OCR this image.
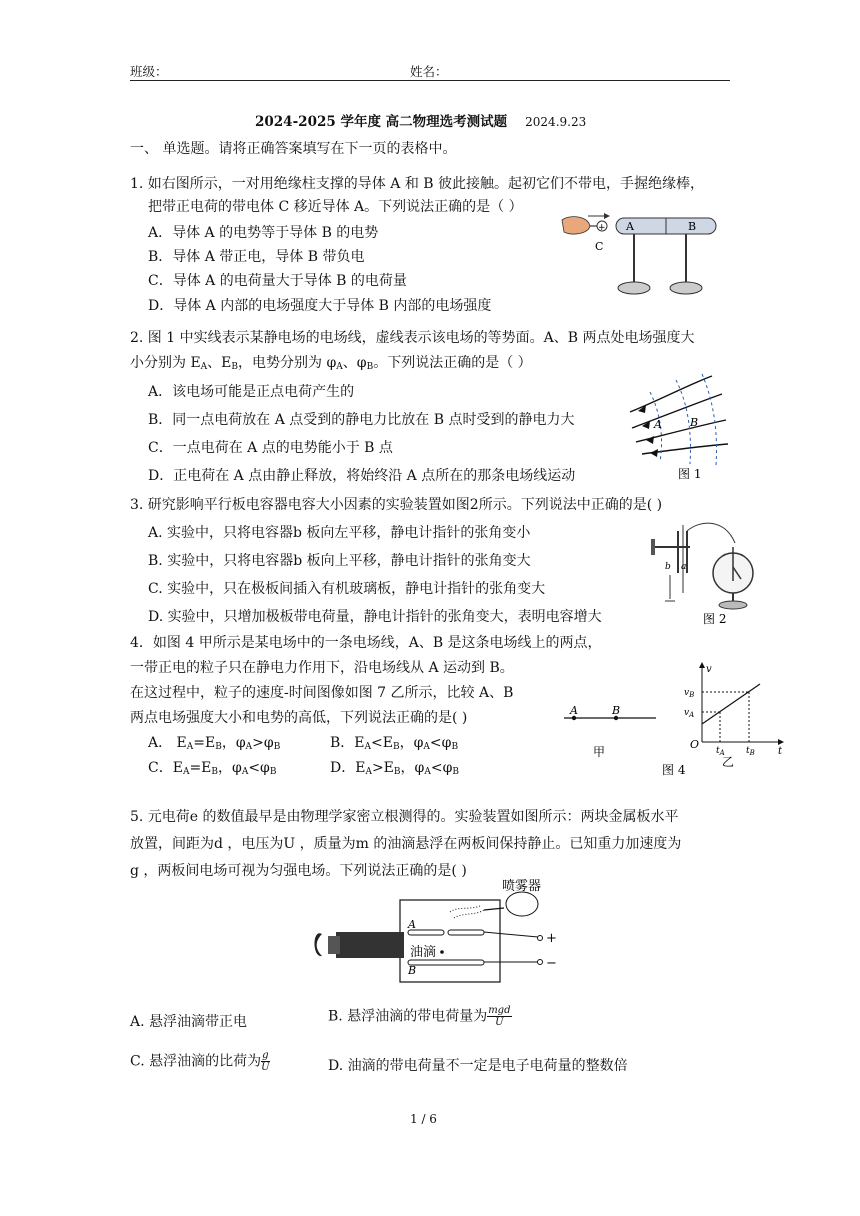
班级：	姓名：
2024-2025 学年度 高二物理选考测试题 2024.9.23
一、 单选题。请将正确答案填写在下一页的表格中。
1. 如右图所示，一对用绝缘柱支撑的导体 A 和 B 彼此接触。起初它们不带电，手握绝缘棒，
把带正电荷的带电体 C 移近导体 A。下列说法正确的是（ ）
A．导体 A 的电势等于导体 B 的电势
B．导体 A 带正电，导体 B 带负电
C．导体 A 的电荷量大于导体 B 的电荷量
D．导体 A 内部的电场强度大于导体 B 内部的电场强度
+
C
A	B
2. 图 1 中实线表示某静电场的电场线，虚线表示该电场的等势面。A、B 两点处电场强度大
小分别为 $E_A$、$E_B$，电势分别为 $\varphi_A$、$\varphi_B$。下列说法正确的是（ ）
A．该电场可能是正点电荷产生的
B．同一点电荷放在 A 点受到的静电力比放在 B 点时受到的静电力大
C．一点电荷在 A 点的电势能小于 B 点
D．正电荷在 A 点由静止释放，将始终沿 A 点所在的那条电场线运动
A	B
图 1
3. 研究影响平行板电容器电容大小因素的实验装置如图2所示。下列说法中正确的是( )
A. 实验中，只将电容器b 板向左平移，静电计指针的张角变小
B. 实验中，只将电容器b 板向上平移，静电计指针的张角变大
C. 实验中，只在极板间插入有机玻璃板，静电计指针的张角变大
D. 实验中，只增加极板带电荷量，静电计指针的张角变大，表明电容增大
b a
图 2
4．如图 4 甲所示是某电场中的一条电场线，A、B 是这条电场线上的两点，
一带正电的粒子只在静电力作用下，沿电场线从 A 运动到 B。
在这过程中，粒子的速度-时间图像如图 7 乙所示，比较 A、B
两点电场强度大小和电势的高低，下列说法正确的是( )
A． $E_A=E_B$，$\varphi_A>\varphi_B$	B．$E_A<E_B$，$\varphi_A<\varphi_B$
C．$E_A=E_B$，$\varphi_A<\varphi_B$	D．$E_A>E_B$，$\varphi_A<\varphi_B$
A	B
甲
v
$v_B$
$v_A$
O $t_A$ $t_B$ t
乙
图 4
5. 元电荷e 的数值最早是由物理学家密立根测得的。实验装置如图所示：两块金属板水平
放置，间距为d ，电压为U ，质量为m 的油滴悬浮在两板间保持静止。已知重力加速度为
g ，两板间电场可视为匀强电场。下列说法正确的是( )
A
B
油滴
喷雾器
+
−
A. 悬浮油滴带正电	B. 悬浮油滴的带电荷量为 $\frac{\text{mgd}}{U}$
C. 悬浮油滴的比荷为 $\frac{g}{U}$	D. 油滴的带电荷量不一定是电子电荷量的整数倍
1 / 6
